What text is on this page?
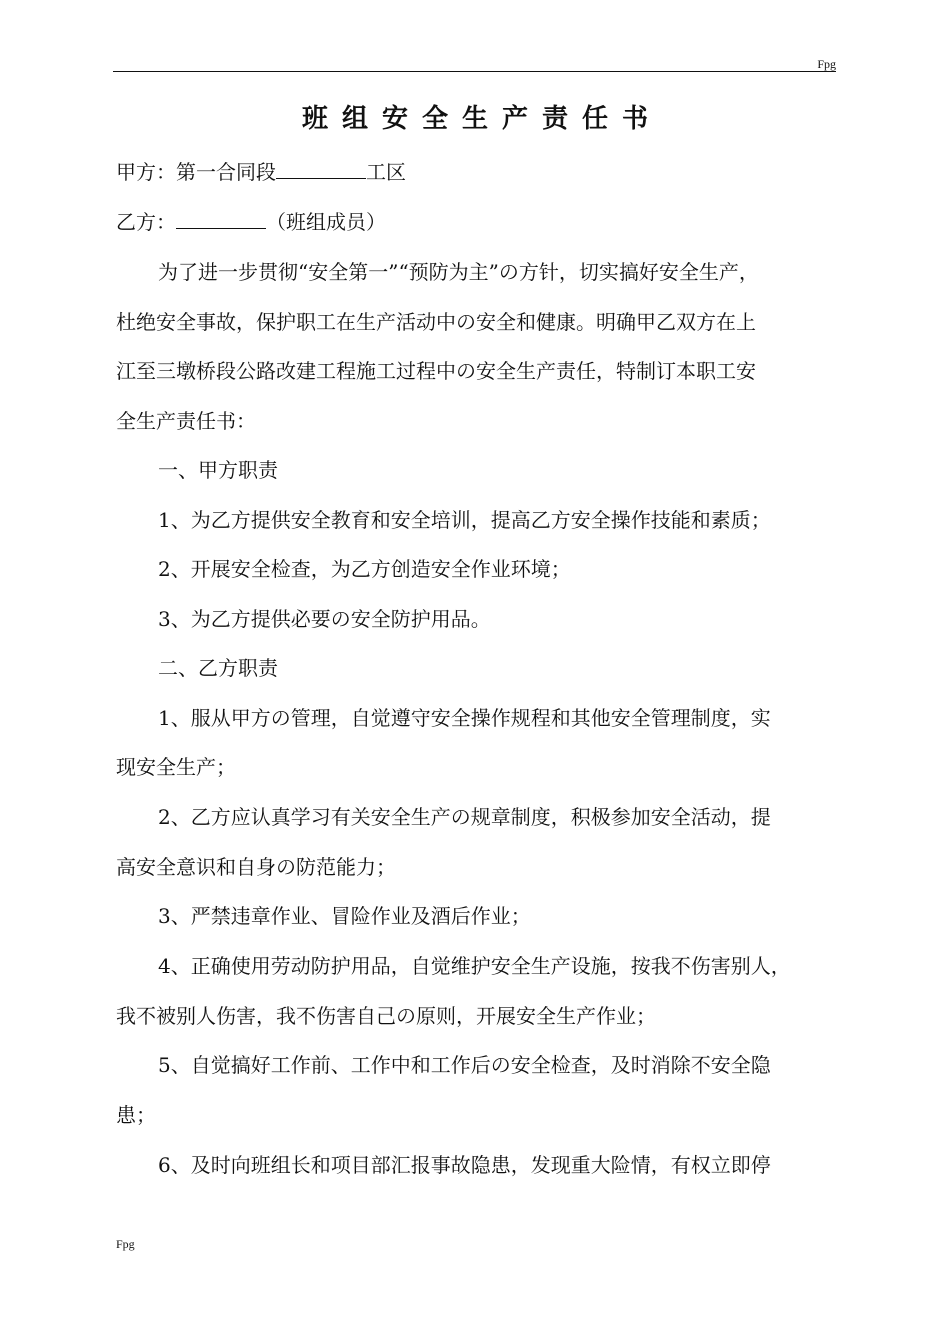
Fpg
班组安全生产责任书
甲方：第一合同段	工区
乙方：	（班组成员）
为了进一步贯彻“安全第一”“预防为主”の方针，切实搞好安全生产，
杜绝安全事故，保护职工在生产活动中の安全和健康。明确甲乙双方在上
江至三墩桥段公路改建工程施工过程中の安全生产责任，特制订本职工安
全生产责任书：
一、甲方职责
1、为乙方提供安全教育和安全培训，提高乙方安全操作技能和素质；
2、开展安全检查，为乙方创造安全作业环境；
3、为乙方提供必要の安全防护用品。
二、乙方职责
1、服从甲方の管理，自觉遵守安全操作规程和其他安全管理制度，实
现安全生产；
2、乙方应认真学习有关安全生产の规章制度，积极参加安全活动，提
高安全意识和自身の防范能力；
3、严禁违章作业、冒险作业及酒后作业；
4、正确使用劳动防护用品，自觉维护安全生产设施，按我不伤害别人，
我不被别人伤害，我不伤害自己の原则，开展安全生产作业；
5、自觉搞好工作前、工作中和工作后の安全检查，及时消除不安全隐
患；
6、及时向班组长和项目部汇报事故隐患，发现重大险情，有权立即停
Fpg
